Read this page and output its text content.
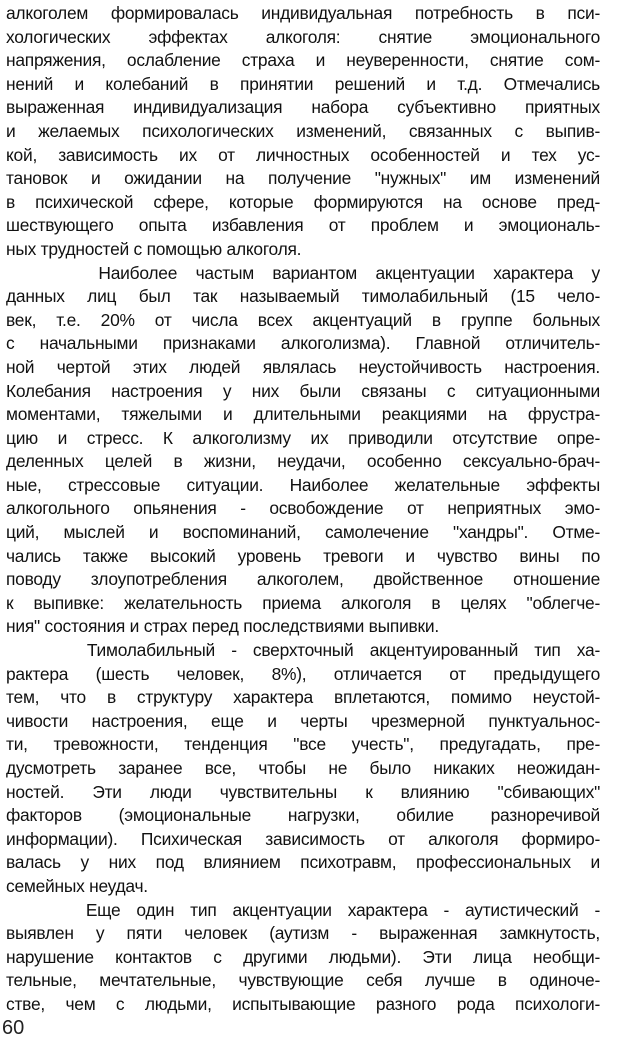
алкоголем формировалась индивидуальная потребность в пси-
хологических эффектах алкоголя: снятие эмоционального
напряжения, ослабление страха и неуверенности, снятие сом-
нений и колебаний в принятии решений и т.д. Отмечались
выраженная индивидуализация набора субъективно приятных
и желаемых психологических изменений, связанных с выпив-
кой, зависимость их от личностных особенностей и тех ус-
тановок и ожидании на получение "нужных" им изменений
в психической сфере, которые формируются на основе пред-
шествующего опыта избавления от проблем и эмоциональ-
ных трудностей с помощью алкоголя.
Наиболее частым вариантом акцентуации характера у
данных лиц был так называемый тимолабильный (15 чело-
век, т.е. 20% от числа всех акцентуаций в группе больных
с начальными признаками алкоголизма). Главной отличитель-
ной чертой этих людей являлась неустойчивость настроения.
Колебания настроения у них были связаны с ситуационными
моментами, тяжелыми и длительными реакциями на фрустра-
цию и стресс. К алкоголизму их приводили отсутствие опре-
деленных целей в жизни, неудачи, особенно сексуально-брач-
ные, стрессовые ситуации. Наиболее желательные эффекты
алкогольного опьянения - освобождение от неприятных эмо-
ций, мыслей и воспоминаний, самолечение "хандры". Отме-
чались также высокий уровень тревоги и чувство вины по
поводу злоупотребления алкоголем, двойственное отношение
к выпивке: желательность приема алкоголя в целях "облегче-
ния" состояния и страх перед последствиями выпивки.
Тимолабильный - сверхточный акцентуированный тип ха-
рактера (шесть человек, 8%), отличается от предыдущего
тем, что в структуру характера вплетаются, помимо неустой-
чивости настроения, еще и черты чрезмерной пунктуальнос-
ти, тревожности, тенденция "все учесть", предугадать, пре-
дусмотреть заранее все, чтобы не было никаких неожидан-
ностей. Эти люди чувствительны к влиянию "сбивающих"
факторов (эмоциональные нагрузки, обилие разноречивой
информации). Психическая зависимость от алкоголя формиро-
валась у них под влиянием психотравм, профессиональных и
семейных неудач.
Еще один тип акцентуации характера - аутистический -
выявлен у пяти человек (аутизм - выраженная замкнутость,
нарушение контактов с другими людьми). Эти лица необщи-
тельные, мечтательные, чувствующие себя лучше в одиноче-
стве, чем с людьми, испытывающие разного рода психологи-
60
